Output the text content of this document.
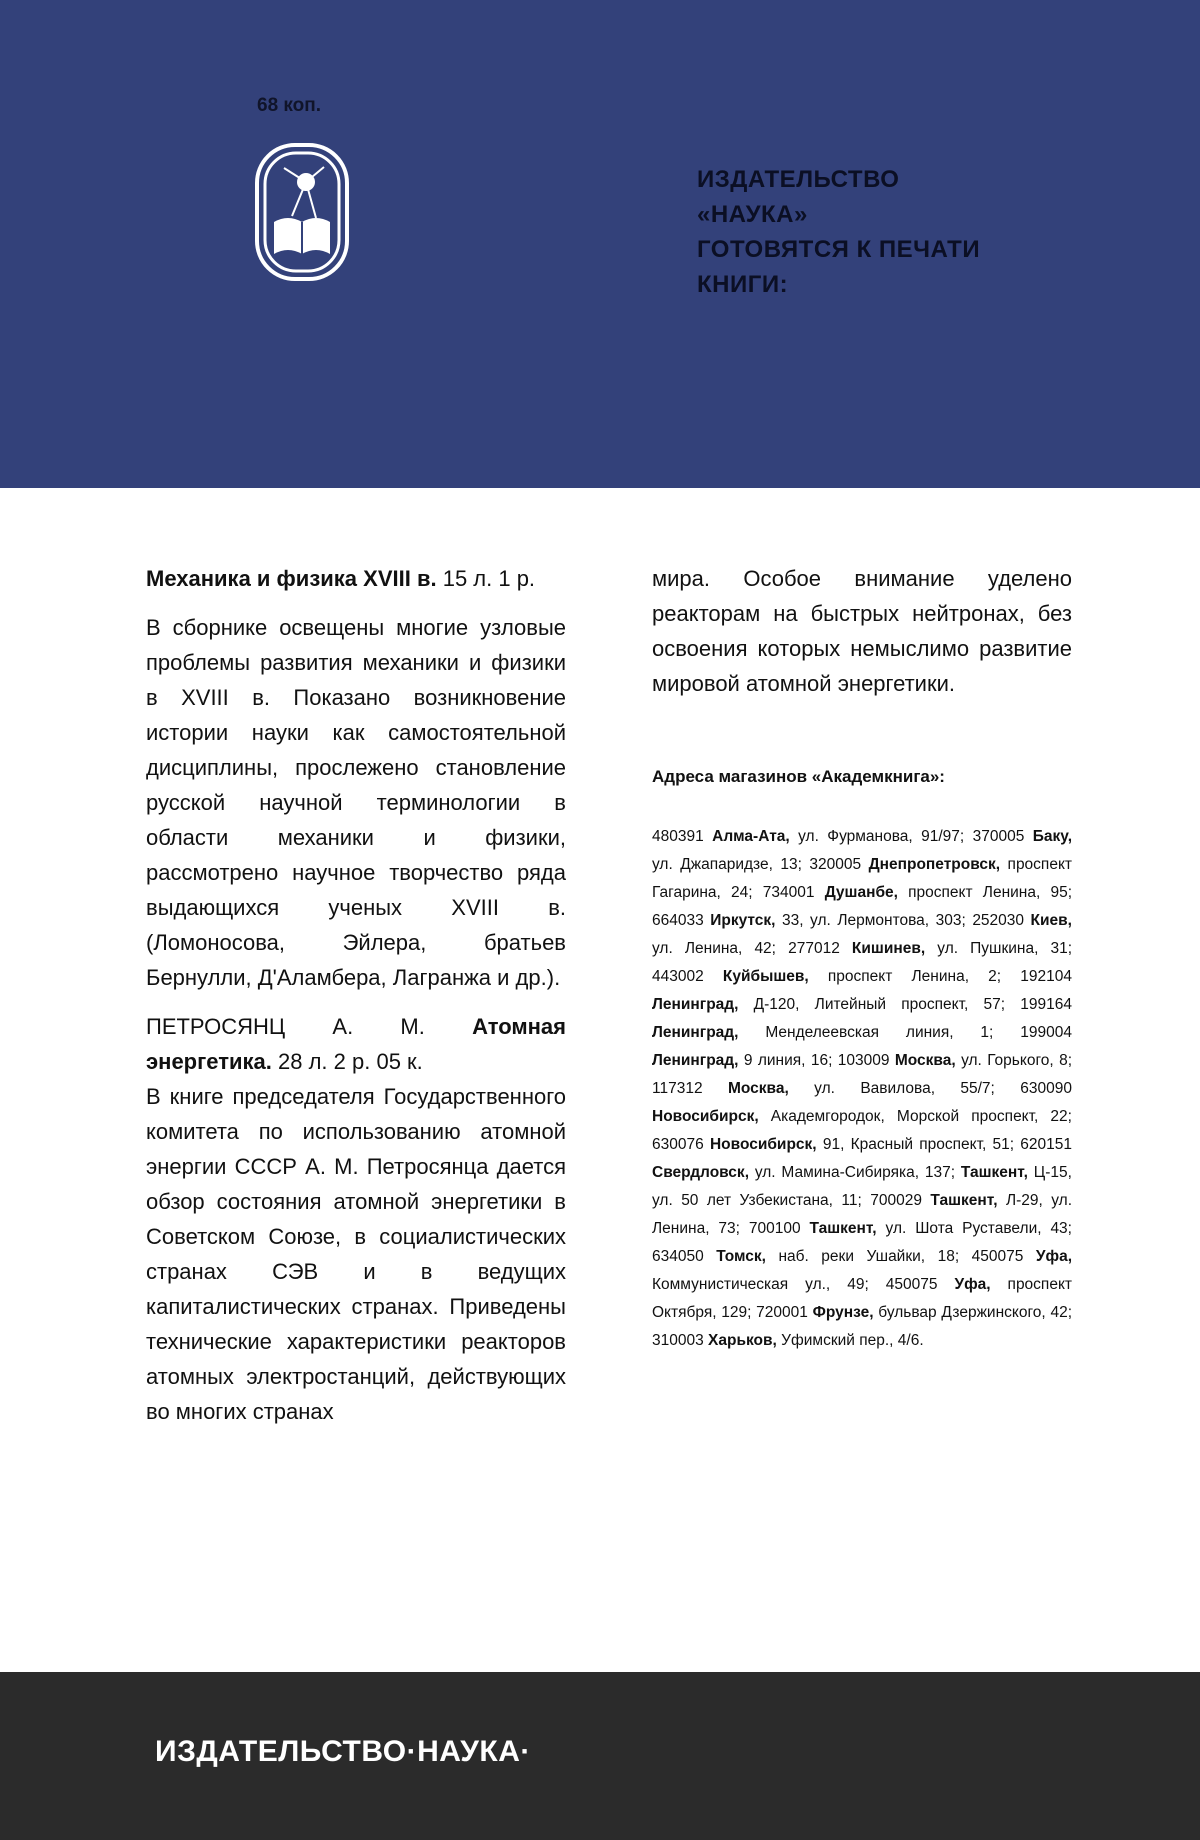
68 коп.
ИЗДАТЕЛЬСТВО
«НАУКА»
ГОТОВЯТСЯ К ПЕЧАТИ
КНИГИ:

Механика и физика XVIII в. 15 л. 1 р.

В сборнике освещены многие узловые проблемы развития механики и физики в XVIII в. Показано возникновение истории науки как самостоятельной дисциплины, прослежено становление русской научной терминологии в области механики и физики, рассмотрено научное творчество ряда выдающихся ученых XVIII в. (Ломоносова, Эйлера, братьев Бернулли, Д'Аламбера, Лагранжа и др.).

ПЕТРОСЯНЦ А. М. Атомная энергетика. 28 л. 2 р. 05 к.

В книге председателя Государственного комитета по использованию атомной энергии СССР А. М. Петросянца дается обзор состояния атомной энергетики в Советском Союзе, в социалистических странах СЭВ и в ведущих капиталистических странах. Приведены технические характеристики реакторов атомных электростанций, действующих во многих странах

мира. Особое внимание уделено реакторам на быстрых нейтронах, без освоения которых немыслимо развитие мировой атомной энергетики.

Адреса магазинов «Академкнига»:

480391 Алма-Ата, ул. Фурманова, 91/97; 370005 Баку, ул. Джапаридзе, 13; 320005 Днепропетровск, проспект Гагарина, 24; 734001 Душанбе, проспект Ленина, 95; 664033 Иркутск, 33, ул. Лермонтова, 303; 252030 Киев, ул. Ленина, 42; 277012 Кишинев, ул. Пушкина, 31; 443002 Куйбышев, проспект Ленина, 2; 192104 Ленинград, Д-120, Литейный проспект, 57; 199164 Ленинград, Менделеевская линия, 1; 199004 Ленинград, 9 линия, 16; 103009 Москва, ул. Горького, 8; 117312 Москва, ул. Вавилова, 55/7; 630090 Новосибирск, Академгородок, Морской проспект, 22; 630076 Новосибирск, 91, Красный проспект, 51; 620151 Свердловск, ул. Мамина-Сибиряка, 137; Ташкент, Ц-15, ул. 50 лет Узбекистана, 11; 700029 Ташкент, Л-29, ул. Ленина, 73; 700100 Ташкент, ул. Шота Руставели, 43; 634050 Томск, наб. реки Ушайки, 18; 450075 Уфа, Коммунистическая ул., 49; 450075 Уфа, проспект Октября, 129; 720001 Фрунзе, бульвар Дзержинского, 42; 310003 Харьков, Уфимский пер., 4/6.

ИЗДАТЕЛЬСТВО·НАУКА·
